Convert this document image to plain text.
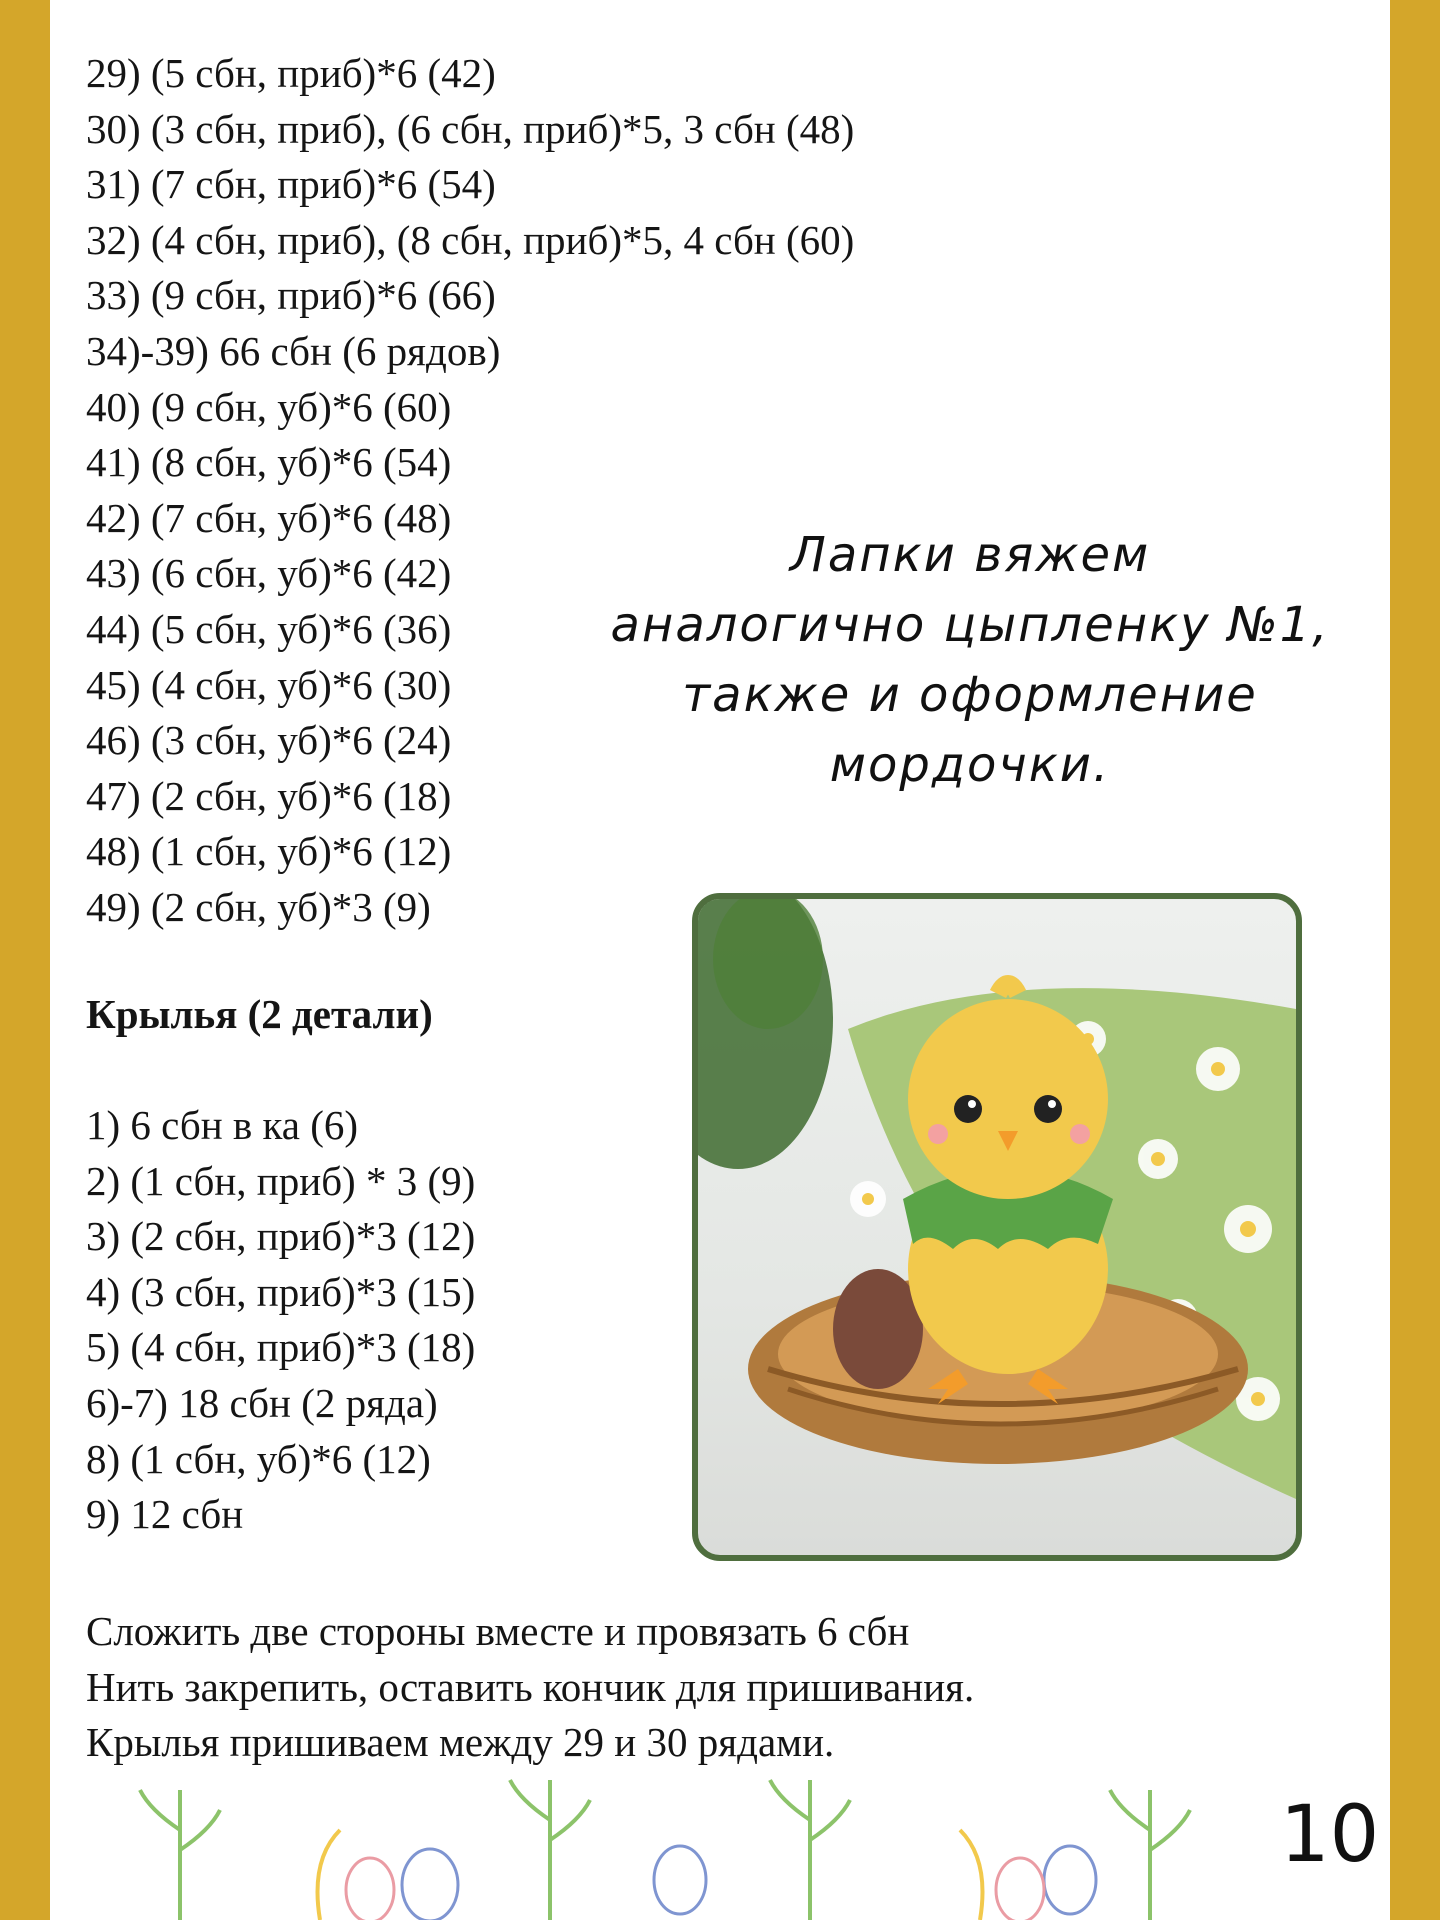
29) (5 сбн, приб)*6 (42)
30) (3 сбн, приб), (6 сбн, приб)*5, 3 сбн (48)
31) (7 сбн, приб)*6 (54)
32) (4 сбн, приб), (8 сбн, приб)*5, 4 сбн (60)
33) (9 сбн, приб)*6 (66)
34)-39) 66 сбн (6 рядов)
40) (9 сбн, уб)*6 (60)
41) (8 сбн, уб)*6 (54)
42) (7 сбн, уб)*6 (48)
43) (6 сбн, уб)*6 (42)
44) (5 сбн, уб)*6 (36)
45) (4 сбн, уб)*6 (30)
46) (3 сбн, уб)*6 (24)
47) (2 сбн, уб)*6 (18)
48) (1 сбн, уб)*6 (12)
49) (2 сбн, уб)*3 (9)
Лапки вяжем
аналогично цыпленку №1,
также и оформление
мордочки.
Крылья (2 детали)
1) 6 сбн в ка (6)
2) (1 сбн, приб) * 3 (9)
3) (2 сбн, приб)*3 (12)
4) (3 сбн, приб)*3 (15)
5) (4 сбн, приб)*3 (18)
6)-7) 18 сбн (2 ряда)
8) (1 сбн, уб)*6 (12)
9) 12 сбн
Сложить две стороны вместе и провязать 6 сбн
Нить закрепить, оставить кончик для пришивания.
Крылья пришиваем между 29 и 30 рядами.
10
